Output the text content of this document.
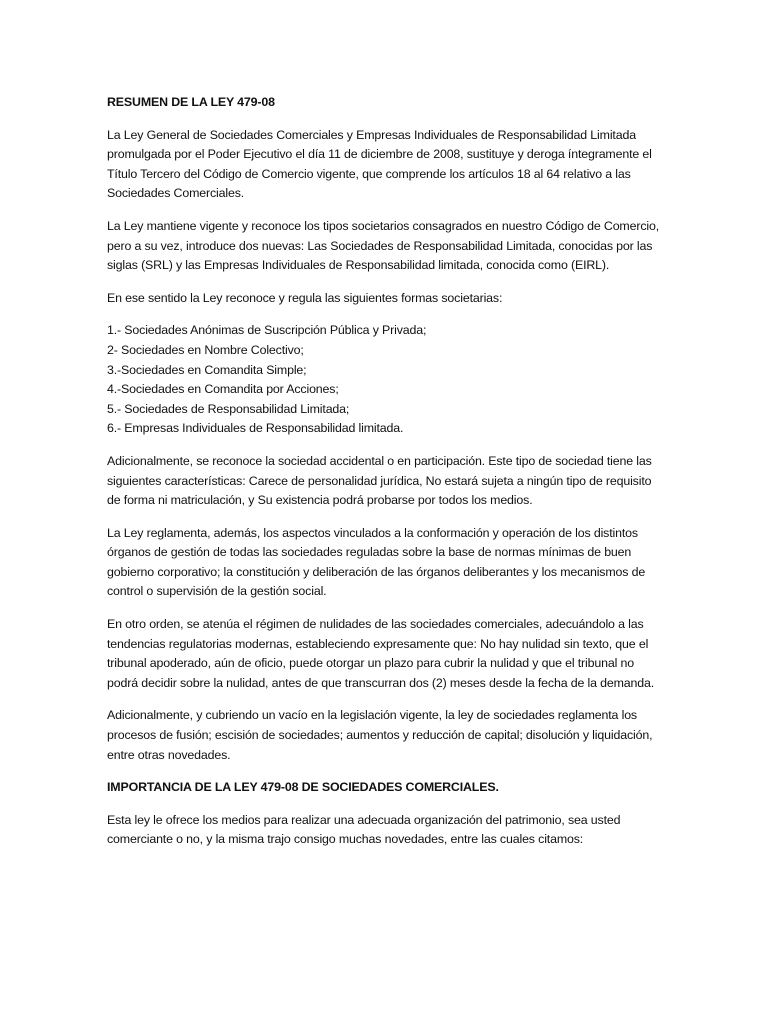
RESUMEN DE LA LEY 479-08

La Ley General de Sociedades Comerciales y Empresas Individuales de Responsabilidad Limitada promulgada por el Poder Ejecutivo el día 11 de diciembre de 2008, sustituye y deroga íntegramente el Título Tercero del Código de Comercio vigente, que comprende los artículos 18 al 64 relativo a las Sociedades Comerciales.

La Ley mantiene vigente y reconoce los tipos societarios consagrados en nuestro Código de Comercio, pero a su vez, introduce dos nuevas: Las Sociedades de Responsabilidad Limitada, conocidas por las siglas (SRL) y las Empresas Individuales de Responsabilidad limitada, conocida como (EIRL).

En ese sentido la Ley reconoce y regula las siguientes formas societarias:

1.- Sociedades Anónimas de Suscripción Pública y Privada;
2- Sociedades en Nombre Colectivo;
3.-Sociedades en Comandita Simple;
4.-Sociedades en Comandita por Acciones;
5.- Sociedades de Responsabilidad Limitada;
6.- Empresas Individuales de Responsabilidad limitada.

Adicionalmente, se reconoce la sociedad accidental o en participación. Este tipo de sociedad tiene las siguientes características: Carece de personalidad jurídica, No estará sujeta a ningún tipo de requisito de forma ni matriculación, y Su existencia podrá probarse por todos los medios.

La Ley reglamenta, además, los aspectos vinculados a la conformación y operación de los distintos órganos de gestión de todas las sociedades reguladas sobre la base de normas mínimas de buen gobierno corporativo; la constitución y deliberación de las órganos deliberantes y los mecanismos de control o supervisión de la gestión social.

En otro orden, se atenúa el régimen de nulidades de las sociedades comerciales, adecuándolo a las tendencias regulatorias modernas, estableciendo expresamente que: No hay nulidad sin texto, que el tribunal apoderado, aún de oficio, puede otorgar un plazo para cubrir la nulidad y que el tribunal no podrá decidir sobre la nulidad, antes de que transcurran dos (2) meses desde la fecha de la demanda.

Adicionalmente, y cubriendo un vacío en la legislación vigente, la ley de sociedades reglamenta los procesos de fusión; escisión de sociedades; aumentos y reducción de capital; disolución y liquidación, entre otras novedades.

IMPORTANCIA DE LA LEY 479-08 DE SOCIEDADES COMERCIALES.

Esta ley le ofrece los medios para realizar una adecuada organización del patrimonio, sea usted comerciante o no, y la misma trajo consigo muchas novedades, entre las cuales citamos:
